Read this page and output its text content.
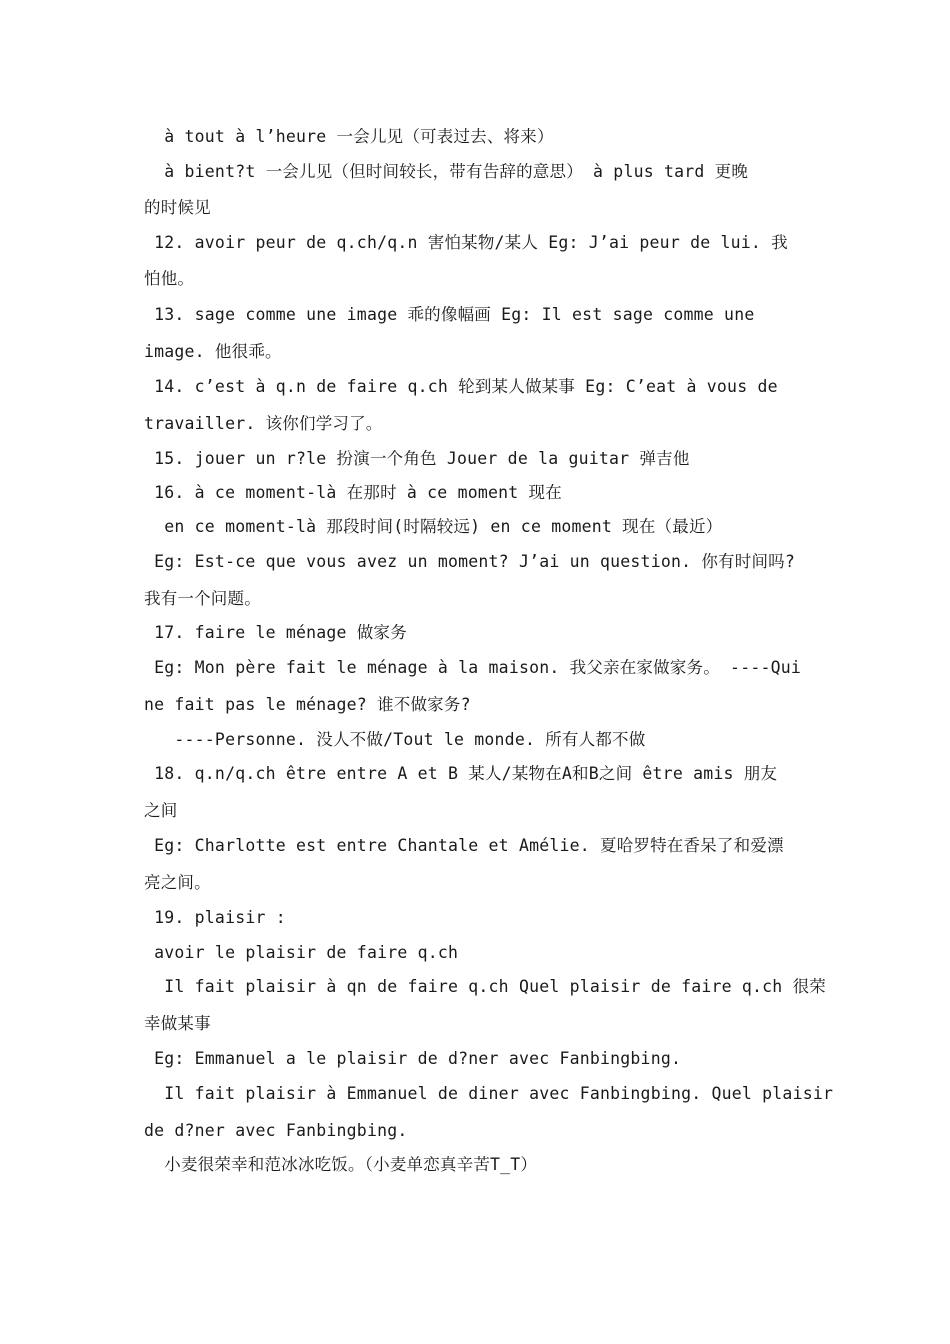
à tout à l’heure 一会儿见（可表过去、将来）
à bient?t 一会儿见（但时间较长，带有告辞的意思） à plus tard 更晚
的时候见
12. avoir peur de q.ch/q.n 害怕某物/某人 Eg: J’ai peur de lui. 我
怕他。
13. sage comme une image 乖的像幅画 Eg: Il est sage comme une
image. 他很乖。
14. c’est à q.n de faire q.ch 轮到某人做某事 Eg: C’eat à vous de
travailler. 该你们学习了。
15. jouer un r?le 扮演一个角色 Jouer de la guitar 弹吉他
16. à ce moment-là 在那时 à ce moment 现在
en ce moment-là 那段时间(时隔较远) en ce moment 现在（最近）
Eg: Est-ce que vous avez un moment? J’ai un question. 你有时间吗?
我有一个问题。
17. faire le ménage 做家务
Eg: Mon père fait le ménage à la maison. 我父亲在家做家务。 ----Qui
ne fait pas le ménage? 谁不做家务?
----Personne. 没人不做/Tout le monde. 所有人都不做
18. q.n/q.ch être entre A et B 某人/某物在A和B之间 être amis 朋友
之间
Eg: Charlotte est entre Chantale et Amélie. 夏哈罗特在香呆了和爱漂
亮之间。
19. plaisir :
avoir le plaisir de faire q.ch
Il fait plaisir à qn de faire q.ch Quel plaisir de faire q.ch 很荣
幸做某事
Eg: Emmanuel a le plaisir de d?ner avec Fanbingbing.
Il fait plaisir à Emmanuel de diner avec Fanbingbing. Quel plaisir
de d?ner avec Fanbingbing.
小麦很荣幸和范冰冰吃饭。（小麦单恋真辛苦T_T）
